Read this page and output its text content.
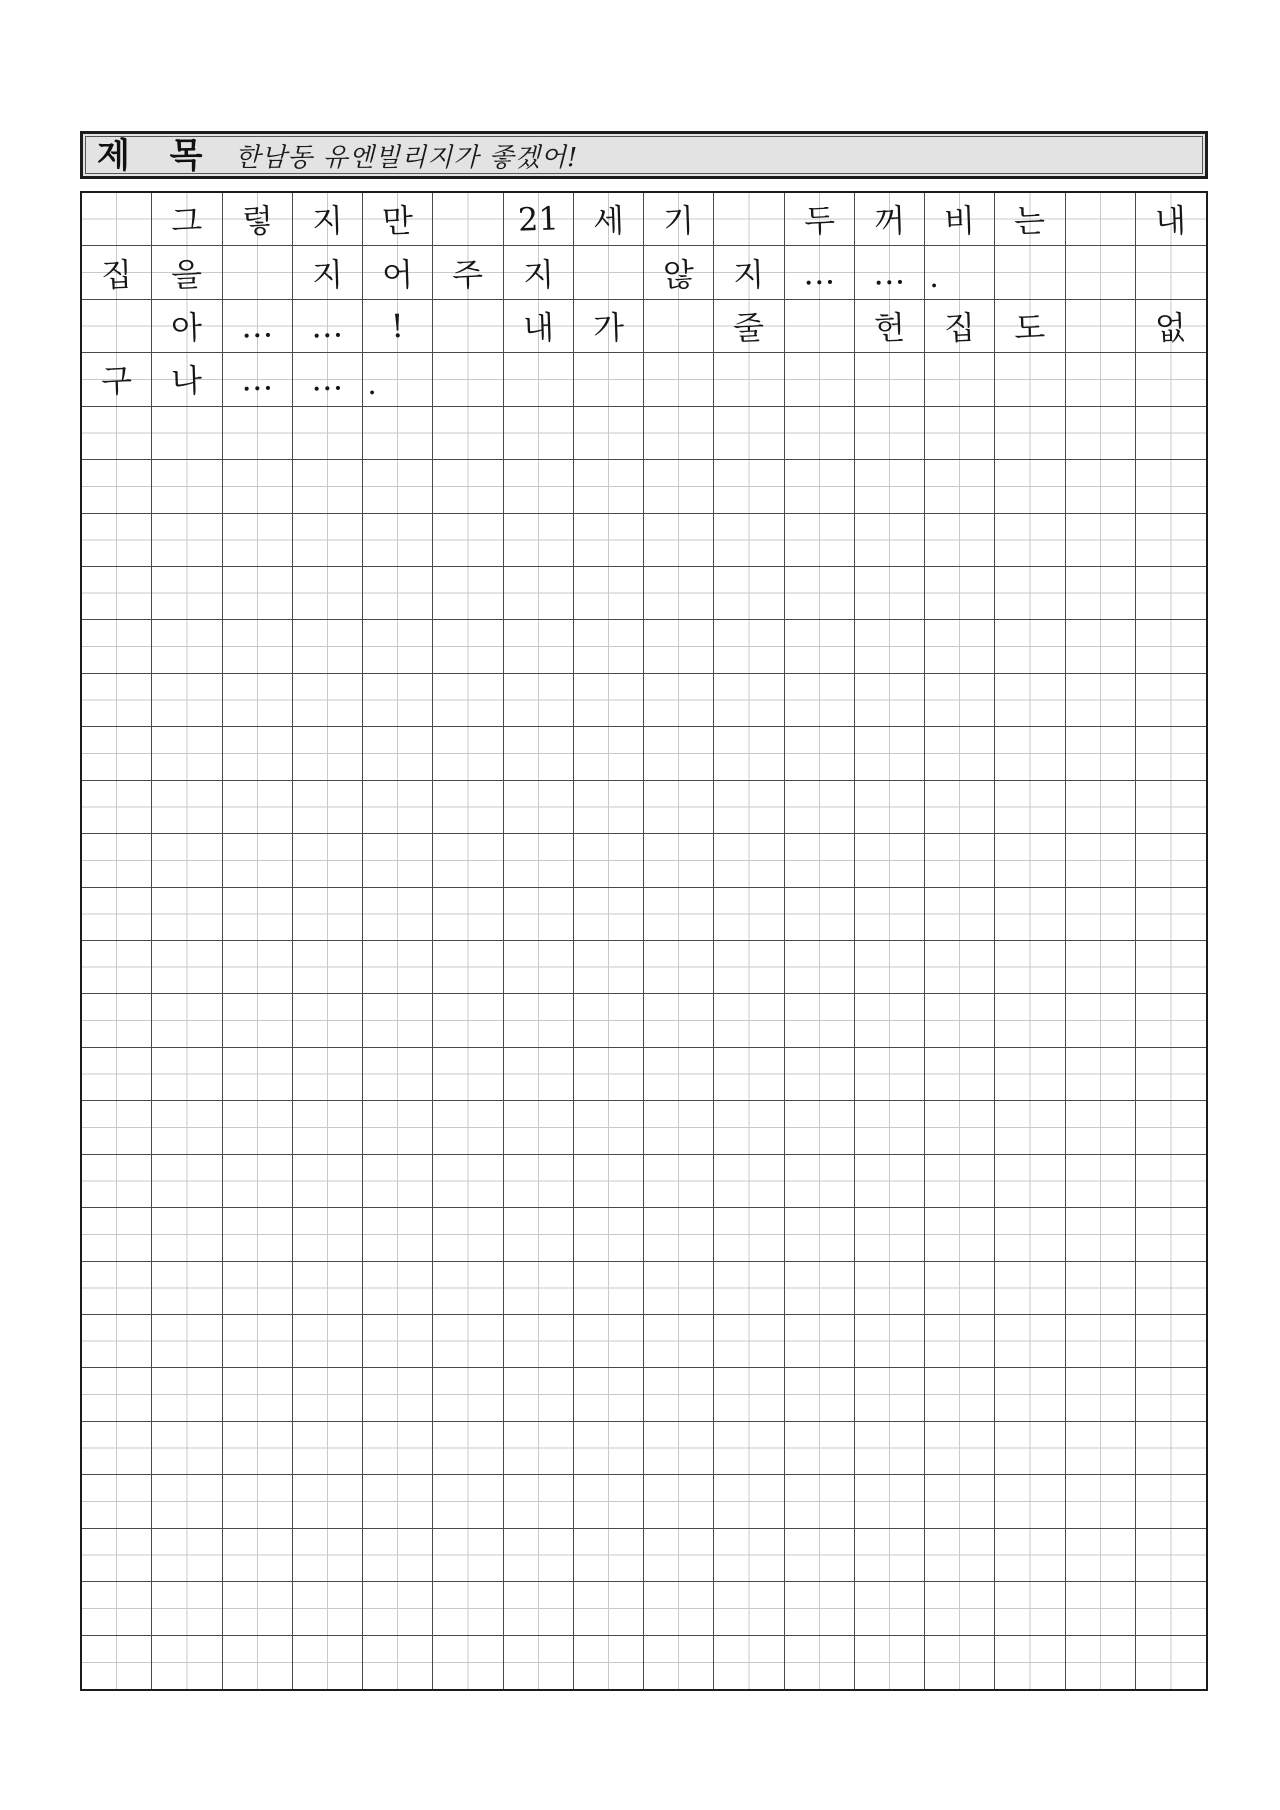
제 목 한남동 유엔빌리지가 좋겠어!
그 렇 지 만	21 세 기	두 꺼 비 는	내
집 을	지 어 주 지	않 지 … … .
아 … … !	내 가	줄	헌 집 도	없
구 나 … … .
